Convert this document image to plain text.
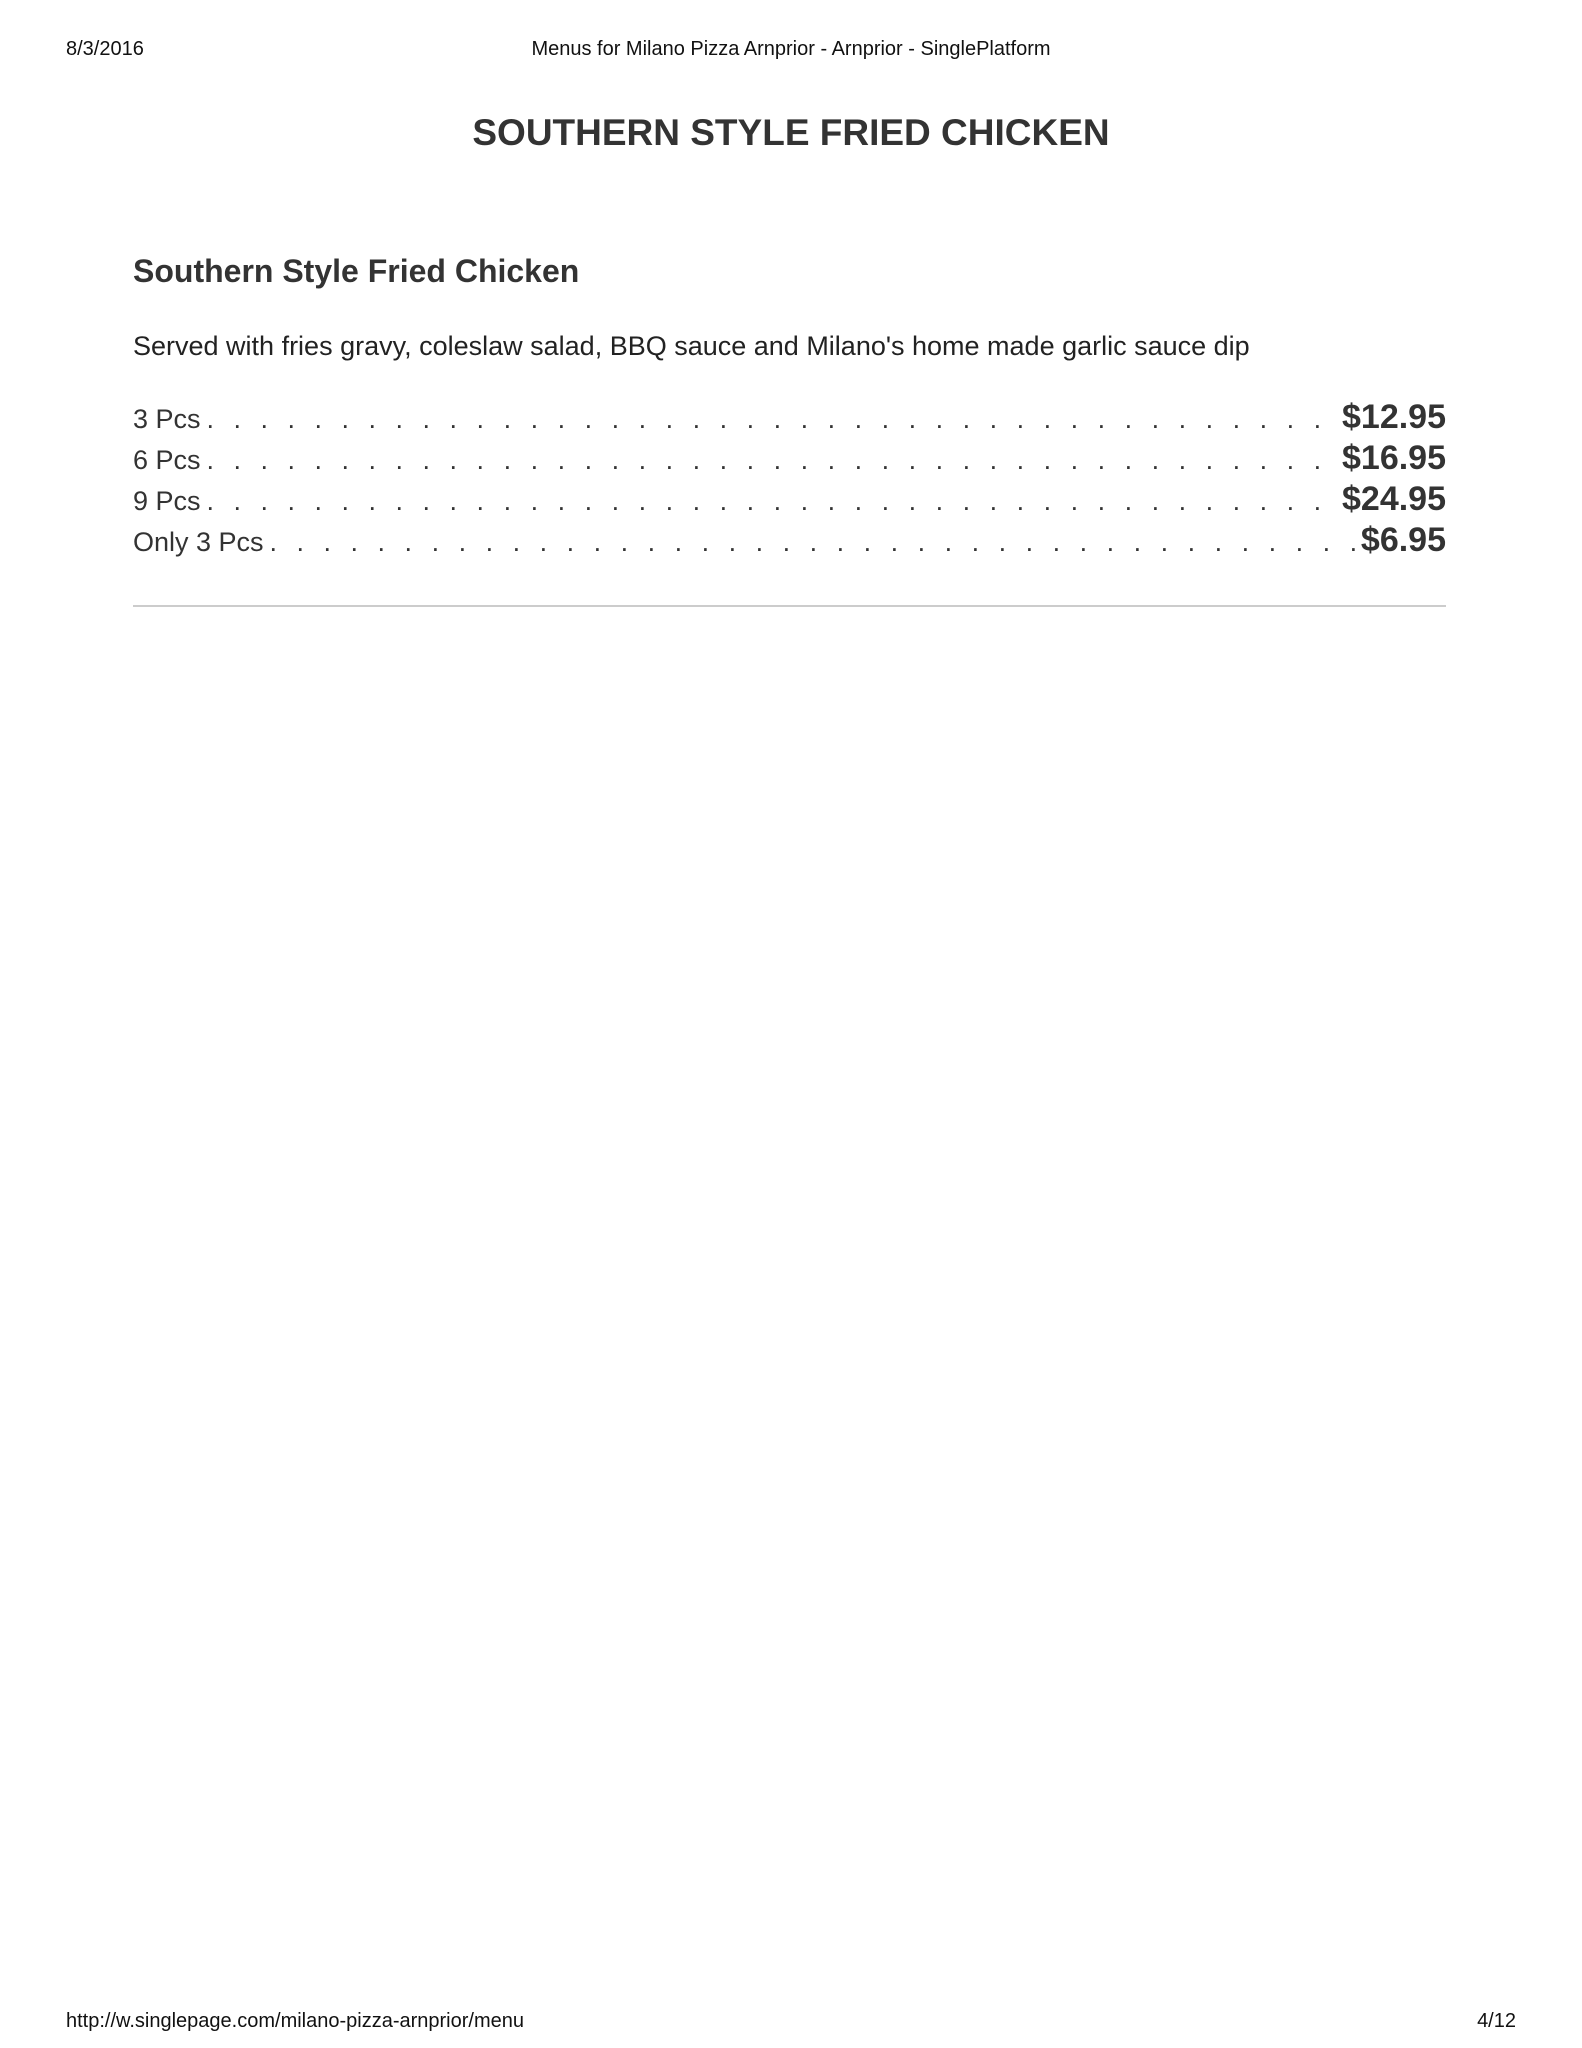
8/3/2016	Menus for Milano Pizza Arnprior - Arnprior - SinglePlatform
SOUTHERN STYLE FRIED CHICKEN
Southern Style Fried Chicken

Served with fries gravy, coleslaw salad, BBQ sauce and Milano's home made garlic sauce dip

3 Pcs . . .	$12.95
6 Pcs . . .	$16.95
9 Pcs . . .	$24.95
Only 3 Pcs . . .	$6.95
http://w.singlepage.com/milano-pizza-arnprior/menu	4/12
